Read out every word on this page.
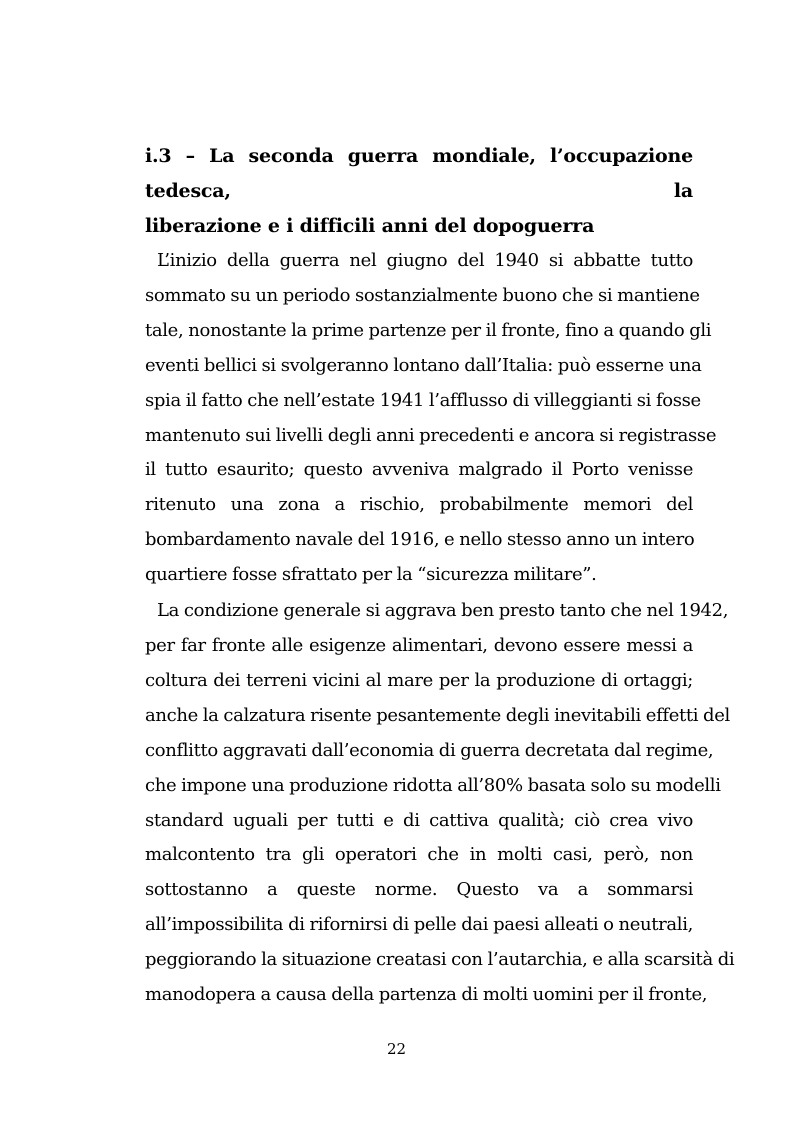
i.3 – La seconda guerra mondiale, l’occupazione tedesca, la
liberazione e i difficili anni del dopoguerra
L’inizio della guerra nel giugno del 1940 si abbatte tutto
sommato su un periodo sostanzialmente buono che si mantiene
tale, nonostante la prime partenze per il fronte, fino a quando gli
eventi bellici si svolgeranno lontano dall’Italia: può esserne una
spia il fatto che nell’estate 1941 l’afflusso di villeggianti si fosse
mantenuto sui livelli degli anni precedenti e ancora si registrasse
il tutto esaurito; questo avveniva malgrado il Porto venisse
ritenuto una zona a rischio, probabilmente memori del
bombardamento navale del 1916, e nello stesso anno un intero
quartiere fosse sfrattato per la “sicurezza militare”.
La condizione generale si aggrava ben presto tanto che nel 1942,
per far fronte alle esigenze alimentari, devono essere messi a
coltura dei terreni vicini al mare per la produzione di ortaggi;
anche la calzatura risente pesantemente degli inevitabili effetti del
conflitto aggravati dall’economia di guerra decretata dal regime,
che impone una produzione ridotta all’80% basata solo su modelli
standard uguali per tutti e di cattiva qualità; ciò crea vivo
malcontento tra gli operatori che in molti casi, però, non
sottostanno a queste norme. Questo va a sommarsi
all’impossibilita di rifornirsi di pelle dai paesi alleati o neutrali,
peggiorando la situazione creatasi con l’autarchia, e alla scarsità di
manodopera a causa della partenza di molti uomini per il fronte,
22
